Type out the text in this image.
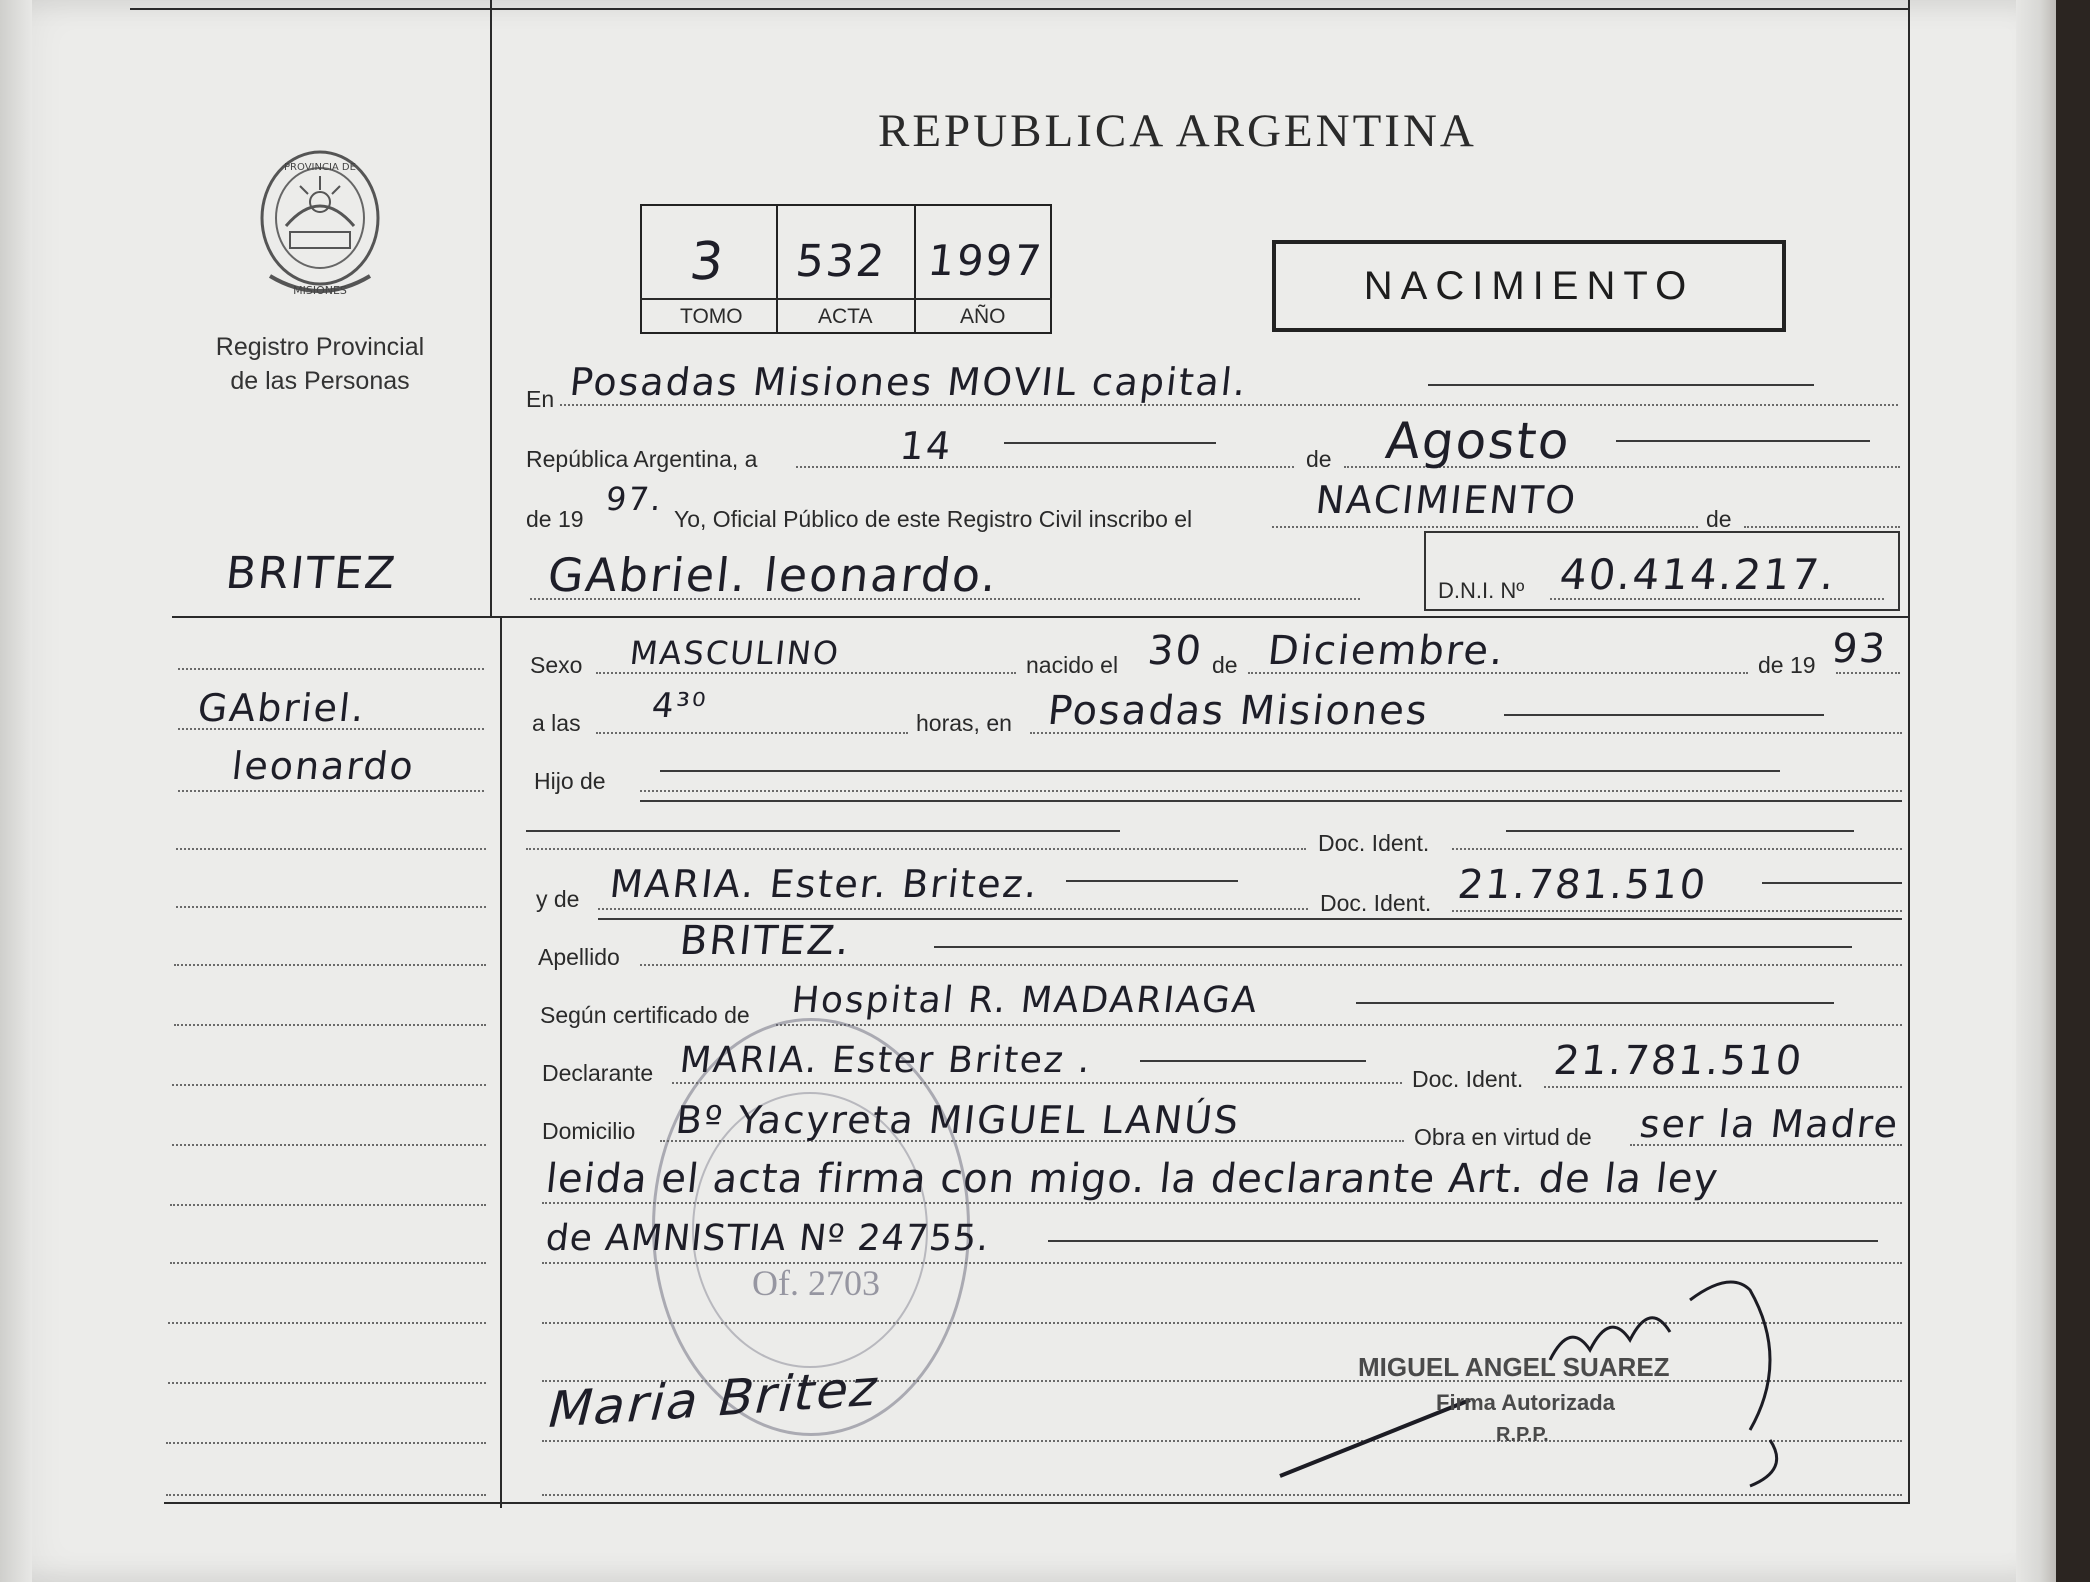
PROVINCIA DE
MISIONES
Registro Provincial
de las Personas
REPUBLICA ARGENTINA
3 532 1997
TOMO	ACTA	AÑO
NACIMIENTO
BRITEZ
GAbriel.
leonardo
En Posadas Misiones MOVIL capital.
República Argentina, a	14	de Agosto
de 19
97.
Yo, Oficial Público de este Registro Civil inscribo el	NACIMIENTO	de
GAbriel. leonardo.	D.N.I. Nº 40.414.217.
Sexo MASCULINO	nacido el 30 de Diciembre.	de 19 93
a las 4³⁰	horas, en Posadas Misiones
Hijo de
Doc. Ident.
y de MARIA. Ester. Britez.	Doc. Ident. 21.781.510
Apellido BRITEZ.
Según certificado de Hospital R. MADARIAGA
Of. 2703
Declarante MARIA. Ester Britez .	Doc. Ident. 21.781.510
Domicilio Bº Yacyreta MIGUEL LANÚS	Obra en virtud de ser la Madre
leida el acta firma con migo. la declarante Art. de la ley
de AMNISTIA Nº 24755.
Maria Britez	MIGUEL ANGEL SUAREZ
Firma Autorizada
R.P.P.
